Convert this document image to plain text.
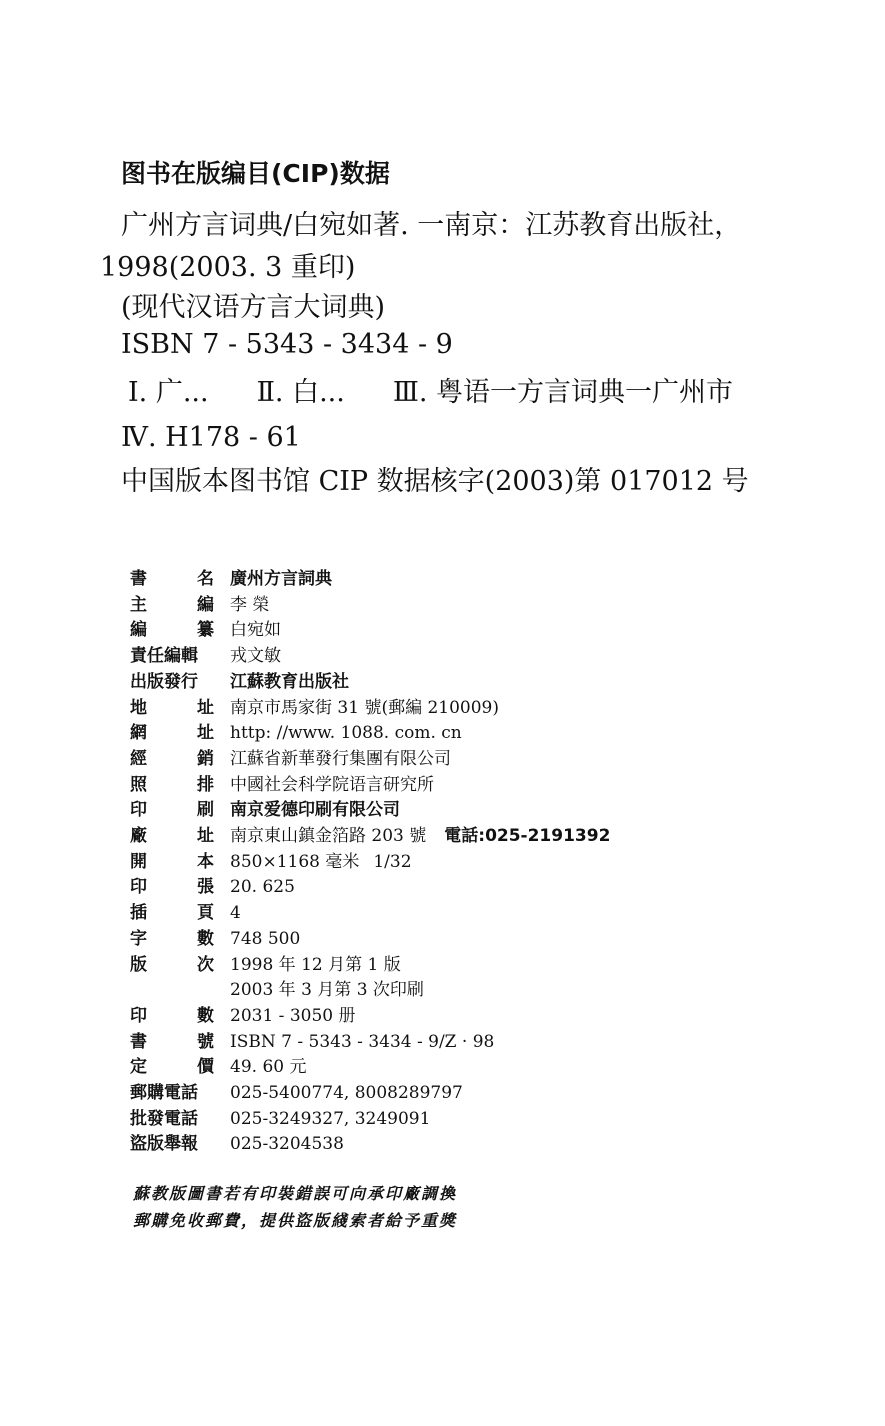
图书在版编目(CIP)数据
广州方言词典/白宛如著. 一南京：江苏教育出版社，
1998(2003. 3 重印)
(现代汉语方言大词典)
ISBN 7 - 5343 - 3434 - 9
Ⅰ. 广... Ⅱ. 白... Ⅲ. 粤语一方言词典一广州市
Ⅳ. H178 - 61
中国版本图书馆 CIP 数据核字(2003)第 017012 号
書	名 廣州方言詞典
主	編 李 榮
編	纂 白宛如
責任編輯 戎文敏
出版發行 江蘇教育出版社
地	址 南京市馬家街 31 號(郵編 210009)
網	址 http: //www. 1088. com. cn
經	銷 江蘇省新華發行集團有限公司
照	排 中國社会科学院语言研究所
印	刷 南京爱德印刷有限公司
廠	址 南京東山鎮金箔路 203 號 電話:025-2191392
開	本 850×1168 毫米 1/32
印	張 20. 625
插	頁 4
字	數 748 500
版	次 1998 年 12 月第 1 版
2003 年 3 月第 3 次印刷
印	數 2031 - 3050 册
書	號 ISBN 7 - 5343 - 3434 - 9/Z · 98
定	價 49. 60 元
郵購電話 025-5400774, 8008289797
批發電話 025-3249327, 3249091
盜版舉報 025-3204538
蘇教版圖書若有印裝錯誤可向承印廠調換
郵購免收郵費，提供盜版綫索者給予重獎
